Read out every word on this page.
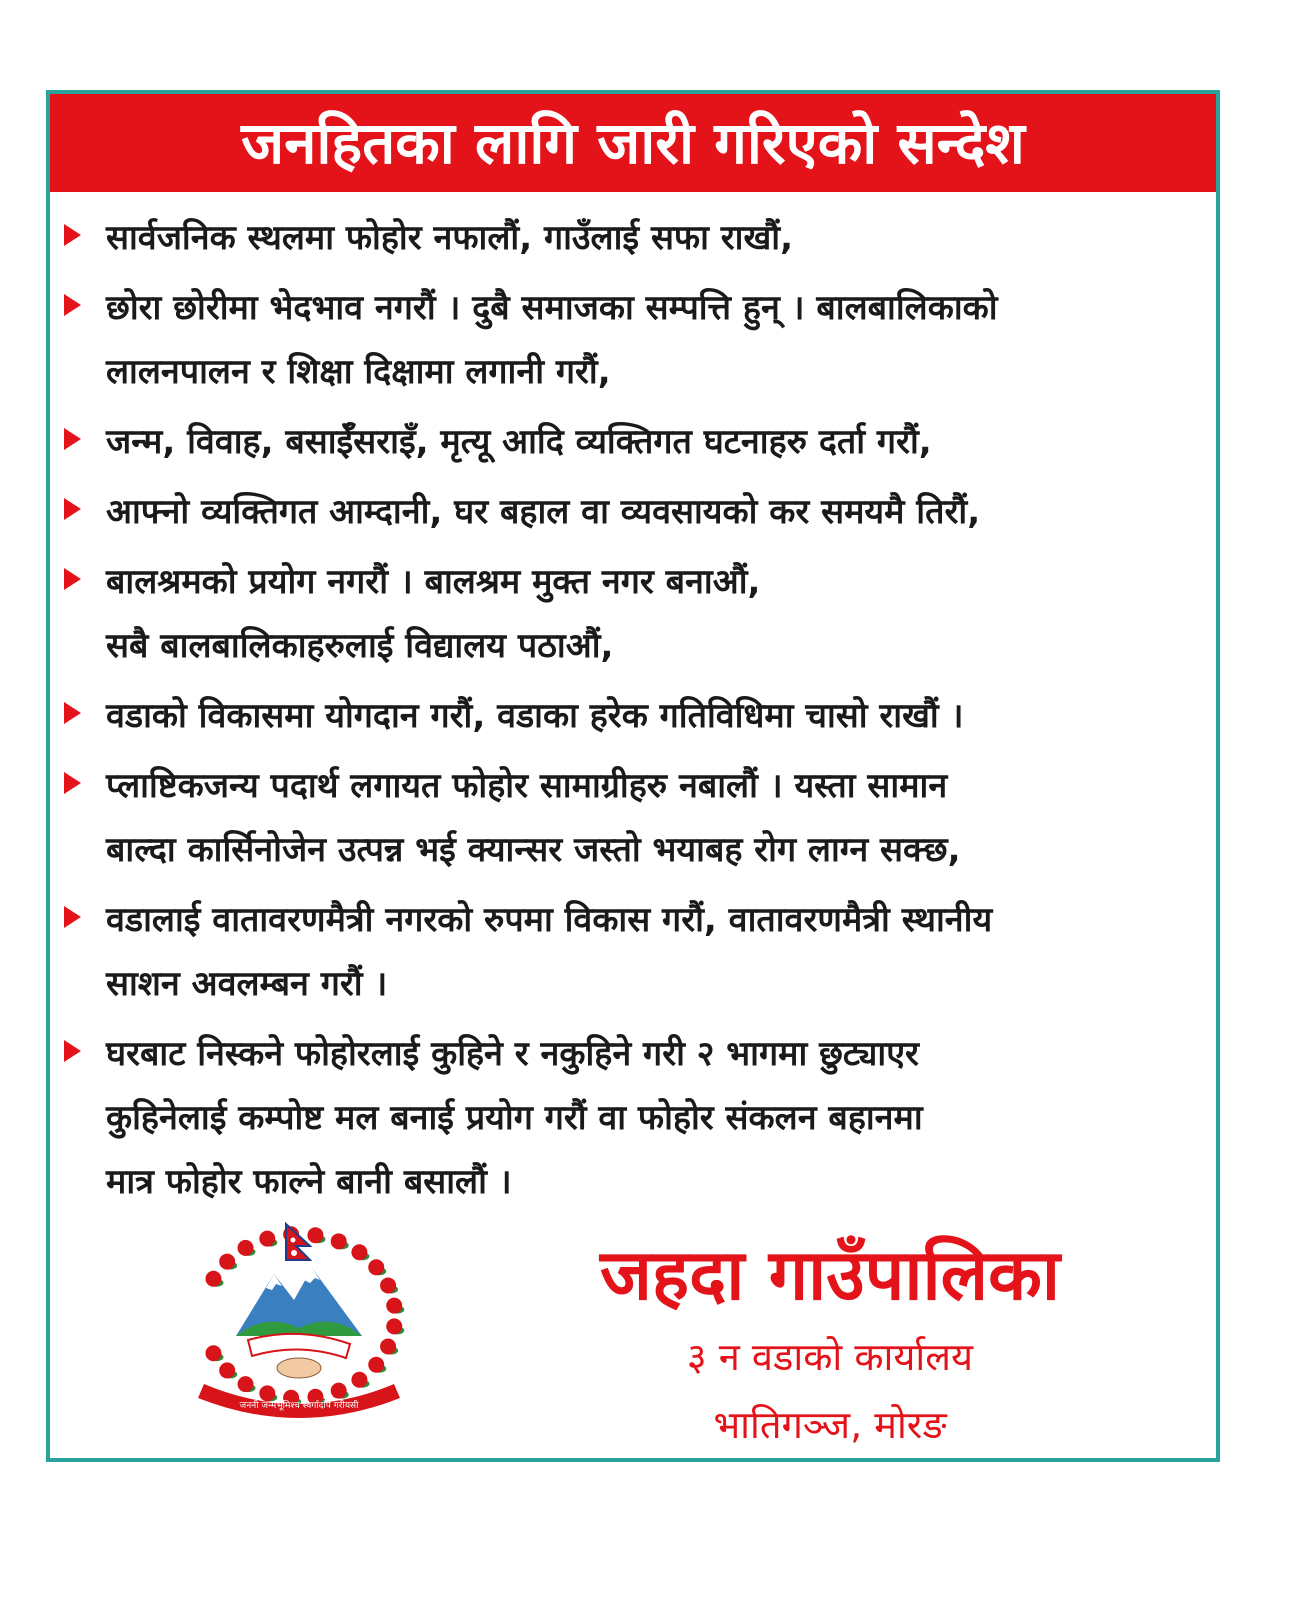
जनहितका लागि जारी गरिएको सन्देश
सार्वजनिक स्थलमा फोहोर नफालौं, गाउँलाई सफा राखौं,
छोरा छोरीमा भेदभाव नगरौं । दुबै समाजका सम्पत्ति हुन् । बालबालिकाको
लालनपालन र शिक्षा दिक्षामा लगानी गरौं,
जन्म, विवाह, बसाईँसराइँ, मृत्यू आदि व्यक्तिगत घटनाहरु दर्ता गरौं,
आफ्नो व्यक्तिगत आम्दानी, घर बहाल वा व्यवसायको कर समयमै तिरौं,
बालश्रमको प्रयोग नगरौं । बालश्रम मुक्त नगर बनाऔं,
सबै बालबालिकाहरुलाई विद्यालय पठाऔं,
वडाको विकासमा योगदान गरौं, वडाका हरेक गतिविधिमा चासो राखौं ।
प्लाष्टिकजन्य पदार्थ लगायत फोहोर सामाग्रीहरु नबालौं । यस्ता सामान
बाल्दा कार्सिनोजेन उत्पन्न भई क्यान्सर जस्तो भयाबह रोग लाग्न सक्छ,
वडालाई वातावरणमैत्री नगरको रुपमा विकास गरौं, वातावरणमैत्री स्थानीय
साशन अवलम्बन गरौं ।
घरबाट निस्कने फोहोरलाई कुहिने र नकुहिने गरी २ भागमा छुट्याएर
कुहिनेलाई कम्पोष्ट मल बनाई प्रयोग गरौं वा फोहोर संकलन बहानमा
मात्र फोहोर फाल्ने बानी बसालौं ।
जननी जन्मभूमिश्च स्वर्गादपि गरीयसी
जहदा गाउँपालिका
३ न वडाको कार्यालय
भातिगञ्ज, मोरङ
